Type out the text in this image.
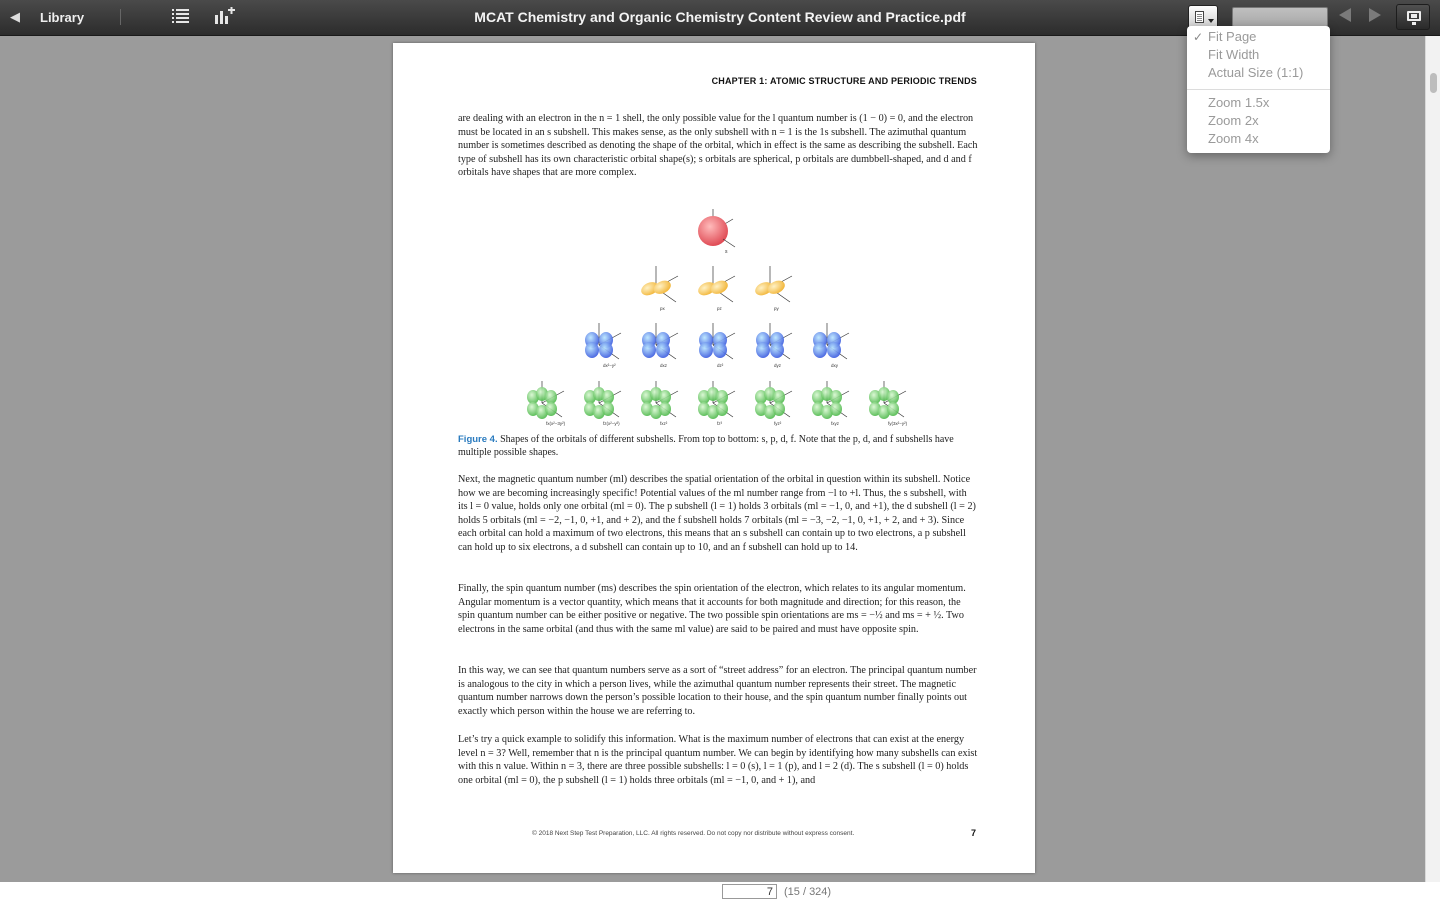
◀ Library	MCAT Chemistry and Organic Chemistry Content Review and Practice.pdf
✓ Fit Page
Fit Width
Actual Size (1:1)
Zoom 1.5x
Zoom 2x
Zoom 4x
CHAPTER 1: ATOMIC STRUCTURE AND PERIODIC TRENDS
are dealing with an electron in the n = 1 shell, the only possible value for the l quantum number is (1 − 0) = 0, and the electron must be located in an s subshell. This makes sense, as the only subshell with n = 1 is the 1s subshell. The azimuthal quantum number is sometimes described as denoting the shape of the orbital, which in effect is the same as describing the subshell. Each type of subshell has its own characteristic orbital shape(s); s orbitals are spherical, p orbitals are dumbbell-shaped, and d and f orbitals have shapes that are more complex.
s
px	pz	py
dx²−y²	dxz	dz²	dyz	dxy
fx(x²−3y²)	fz(x²−y²)	fxz²	fz³	fyz²	fxyz	fy(3x²−y²)
Figure 4. Shapes of the orbitals of different subshells. From top to bottom: s, p, d, f. Note that the p, d, and f subshells have multiple possible shapes.
Next, the magnetic quantum number (ml) describes the spatial orientation of the orbital in question within its subshell. Notice how we are becoming increasingly specific! Potential values of the ml number range from −l to +l. Thus, the s subshell, with its l = 0 value, holds only one orbital (ml = 0). The p subshell (l = 1) holds 3 orbitals (ml = −1, 0, and +1), the d subshell (l = 2) holds 5 orbitals (ml = −2, −1, 0, +1, and + 2), and the f subshell holds 7 orbitals (ml = −3, −2, −1, 0, +1, + 2, and + 3). Since each orbital can hold a maximum of two electrons, this means that an s subshell can contain up to two electrons, a p subshell can hold up to six electrons, a d subshell can contain up to 10, and an f subshell can hold up to 14.
Finally, the spin quantum number (ms) describes the spin orientation of the electron, which relates to its angular momentum. Angular momentum is a vector quantity, which means that it accounts for both magnitude and direction; for this reason, the spin quantum number can be either positive or negative. The two possible spin orientations are ms = −½ and ms = + ½. Two electrons in the same orbital (and thus with the same ml value) are said to be paired and must have opposite spin.
In this way, we can see that quantum numbers serve as a sort of “street address” for an electron. The principal quantum number is analogous to the city in which a person lives, while the azimuthal quantum number represents their street. The magnetic quantum number narrows down the person’s possible location to their house, and the spin quantum number finally points out exactly which person within the house we are referring to.
Let’s try a quick example to solidify this information. What is the maximum number of electrons that can exist at the energy level n = 3? Well, remember that n is the principal quantum number. We can begin by identifying how many subshells can exist with this n value. Within n = 3, there are three possible subshells: l = 0 (s), l = 1 (p), and l = 2 (d). The s subshell (l = 0) holds one orbital (ml = 0), the p subshell (l = 1) holds three orbitals (ml = −1, 0, and + 1), and
© 2018 Next Step Test Preparation, LLC. All rights reserved. Do not copy nor distribute without express consent.	7
7
(15 / 324)
